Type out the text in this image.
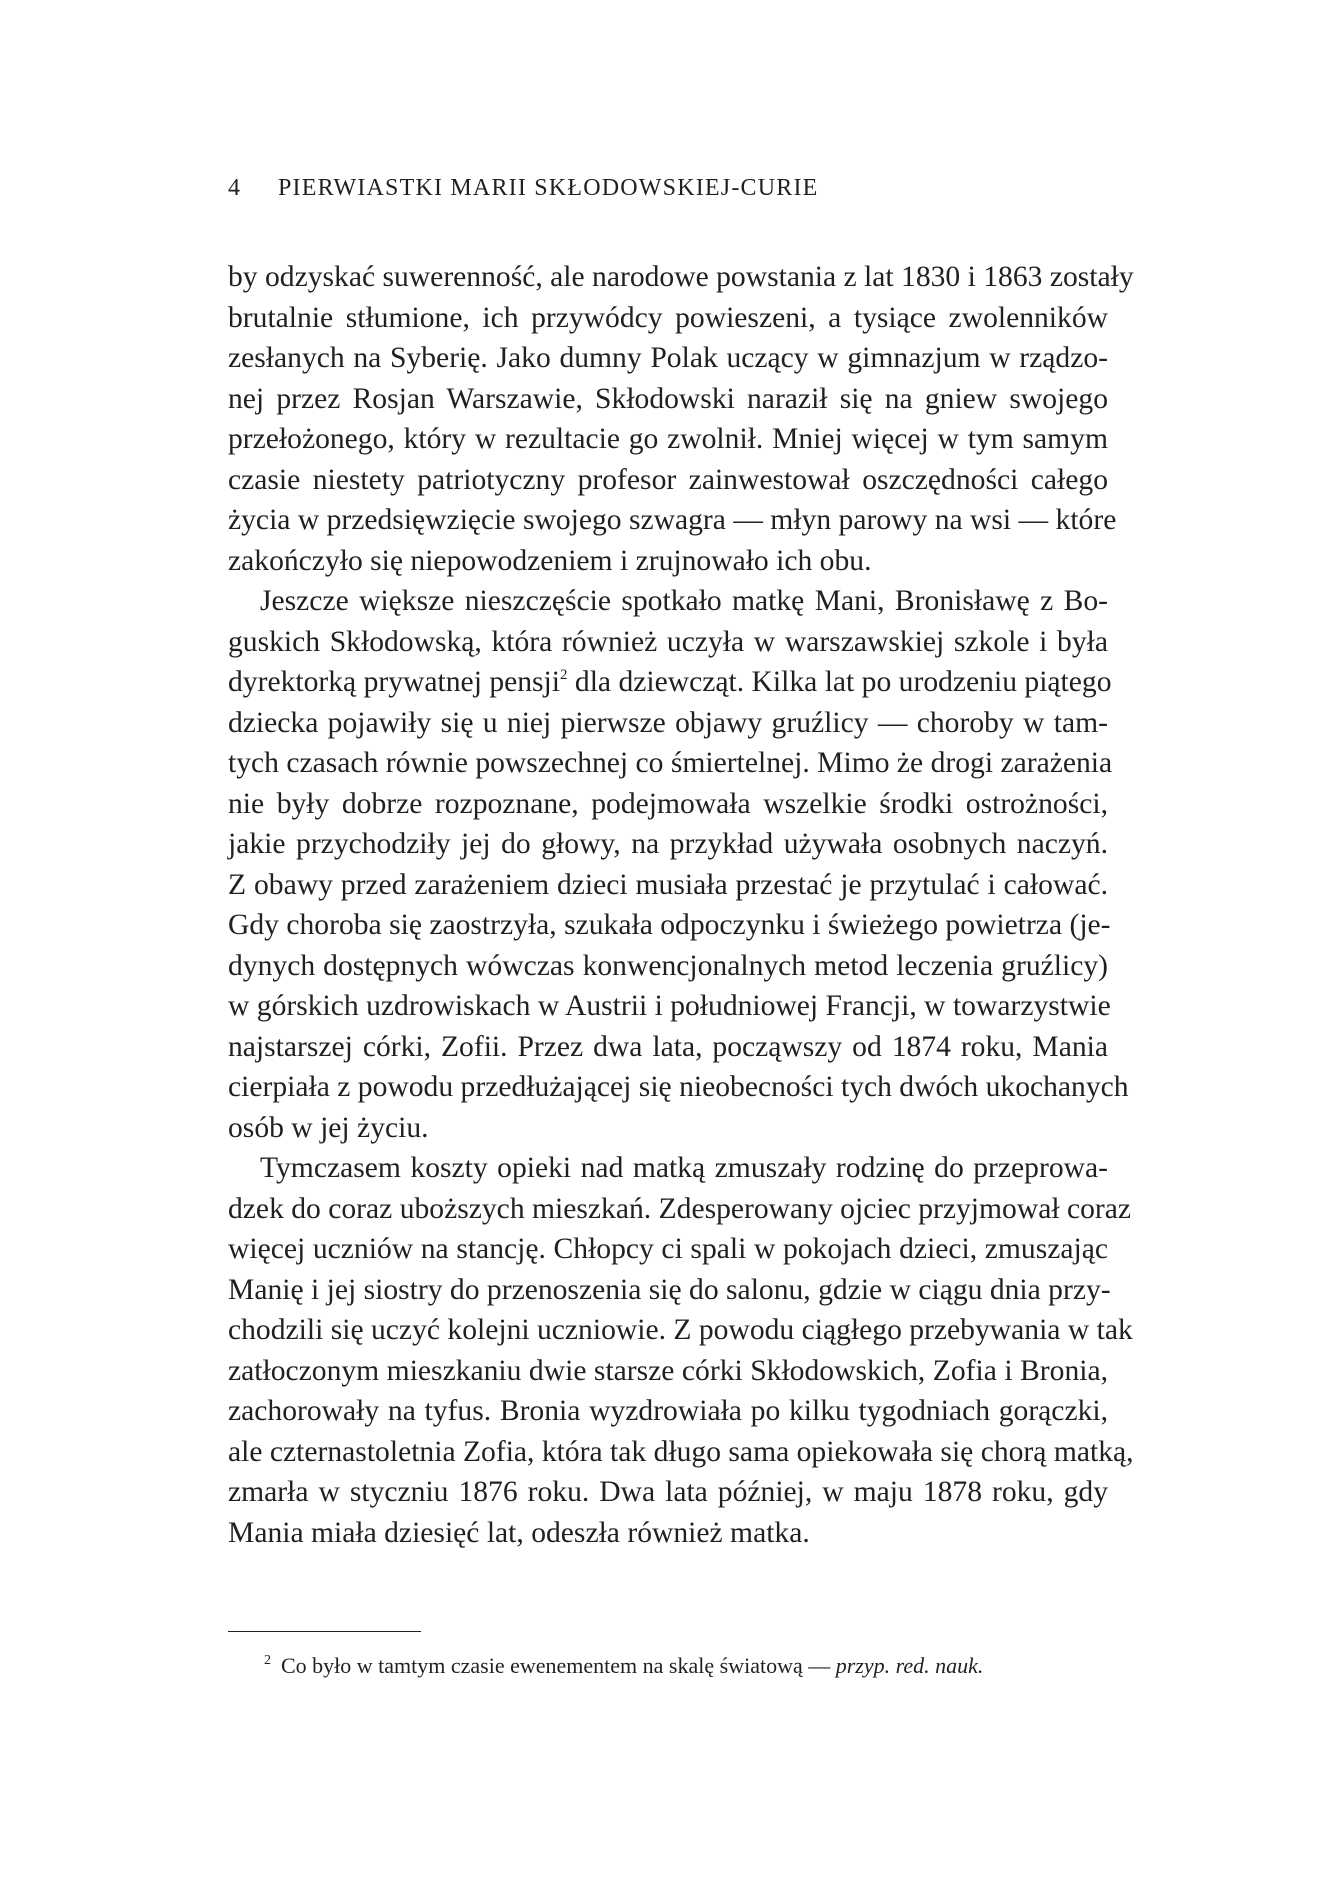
4 PIERWIASTKI MARII SKŁODOWSKIEJ-CURIE
by odzyskać suwerenność, ale narodowe powstania z lat 1830 i 1863 zostały
brutalnie stłumione, ich przywódcy powieszeni, a tysiące zwolenników
zesłanych na Syberię. Jako dumny Polak uczący w gimnazjum w rządzo-
nej przez Rosjan Warszawie, Skłodowski naraził się na gniew swojego
przełożonego, który w rezultacie go zwolnił. Mniej więcej w tym samym
czasie niestety patriotyczny profesor zainwestował oszczędności całego
życia w przedsięwzięcie swojego szwagra — młyn parowy na wsi — które
zakończyło się niepowodzeniem i zrujnowało ich obu.
Jeszcze większe nieszczęście spotkało matkę Mani, Bronisławę z Bo-
guskich Skłodowską, która również uczyła w warszawskiej szkole i była
dyrektorką prywatnej pensji$^2$ dla dziewcząt. Kilka lat po urodzeniu piątego
dziecka pojawiły się u niej pierwsze objawy gruźlicy — choroby w tam-
tych czasach równie powszechnej co śmiertelnej. Mimo że drogi zarażenia
nie były dobrze rozpoznane, podejmowała wszelkie środki ostrożności,
jakie przychodziły jej do głowy, na przykład używała osobnych naczyń.
Z obawy przed zarażeniem dzieci musiała przestać je przytulać i całować.
Gdy choroba się zaostrzyła, szukała odpoczynku i świeżego powietrza (je-
dynych dostępnych wówczas konwencjonalnych metod leczenia gruźlicy)
w górskich uzdrowiskach w Austrii i południowej Francji, w towarzystwie
najstarszej córki, Zofii. Przez dwa lata, począwszy od 1874 roku, Mania
cierpiała z powodu przedłużającej się nieobecności tych dwóch ukochanych
osób w jej życiu.
Tymczasem koszty opieki nad matką zmuszały rodzinę do przeprowa-
dzek do coraz uboższych mieszkań. Zdesperowany ojciec przyjmował coraz
więcej uczniów na stancję. Chłopcy ci spali w pokojach dzieci, zmuszając
Manię i jej siostry do przenoszenia się do salonu, gdzie w ciągu dnia przy-
chodzili się uczyć kolejni uczniowie. Z powodu ciągłego przebywania w tak
zatłoczonym mieszkaniu dwie starsze córki Skłodowskich, Zofia i Bronia,
zachorowały na tyfus. Bronia wyzdrowiała po kilku tygodniach gorączki,
ale czternastoletnia Zofia, która tak długo sama opiekowała się chorą matką,
zmarła w styczniu 1876 roku. Dwa lata później, w maju 1878 roku, gdy
Mania miała dziesięć lat, odeszła również matka.
2 Co było w tamtym czasie ewenementem na skalę światową — przyp. red. nauk.
